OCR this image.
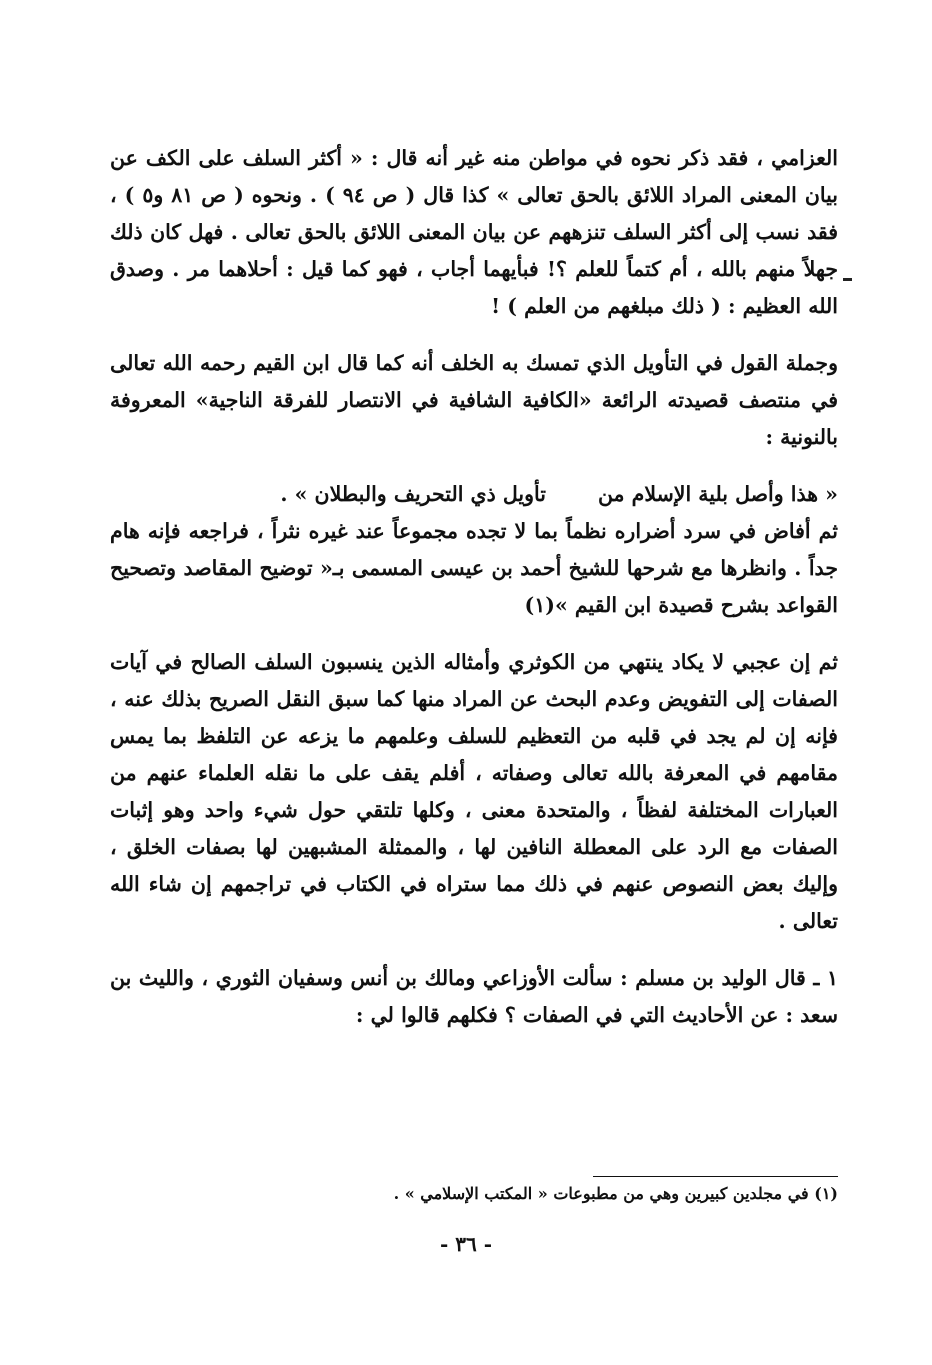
العزامي ، فقد ذكر نحوه في مواطن منه غير أنه قال : « أكثر السلف على الكف عن بيان المعنى المراد اللائق بالحق تعالى » كذا قال ( ص ٩٤ ) . ونحوه ( ص ٨١ و٥ ) ، فقد نسب إلى أكثر السلف تنزههم عن بيان المعنى اللائق بالحق تعالى . فهل كان ذلك جهلاً منهم بالله ، أم كتماً للعلم ؟! فبأيهما أجاب ، فهو كما قيل : أحلاهما مر . وصدق الله العظيم : ( ذلك مبلغهم من العلم ) !

وجملة القول في التأويل الذي تمسك به الخلف أنه كما قال ابن القيم رحمه الله تعالى في منتصف قصيدته الرائعة «الكافية الشافية في الانتصار للفرقة الناجية» المعروفة بالنونية :

« هذا وأصل بلية الإسلام من
تأويل ذي التحريف والبطلان » .

ثم أفاض في سرد أضراره نظماً بما لا تجده مجموعاً عند غيره نثراً ، فراجعه فإنه هام جداً . وانظرها مع شرحها للشيخ أحمد بن عيسى المسمى بـ« توضيح المقاصد وتصحيح القواعد بشرح قصيدة ابن القيم »(١)

ثم إن عجبي لا يكاد ينتهي من الكوثري وأمثاله الذين ينسبون السلف الصالح في آيات الصفات إلى التفويض وعدم البحث عن المراد منها كما سبق النقل الصريح بذلك عنه ، فإنه إن لم يجد في قلبه من التعظيم للسلف وعلمهم ما يزعه عن التلفظ بما يمس مقامهم في المعرفة بالله تعالى وصفاته ، أفلم يقف على ما نقله العلماء عنهم من العبارات المختلفة لفظاً ، والمتحدة معنى ، وكلها تلتقي حول شيء واحد وهو إثبات الصفات مع الرد على المعطلة النافين لها ، والممثلة المشبهين لها بصفات الخلق ، وإليك بعض النصوص عنهم في ذلك مما ستراه في الكتاب في تراجمهم إن شاء الله تعالى .

١ ـ قال الوليد بن مسلم : سألت الأوزاعي ومالك بن أنس وسفيان الثوري ، والليث بن سعد : عن الأحاديث التي في الصفات ؟ فكلهم قالوا لي :

(١) في مجلدين كبيرين وهي من مطبوعات « المكتب الإسلامي » .
- ٣٦ -
